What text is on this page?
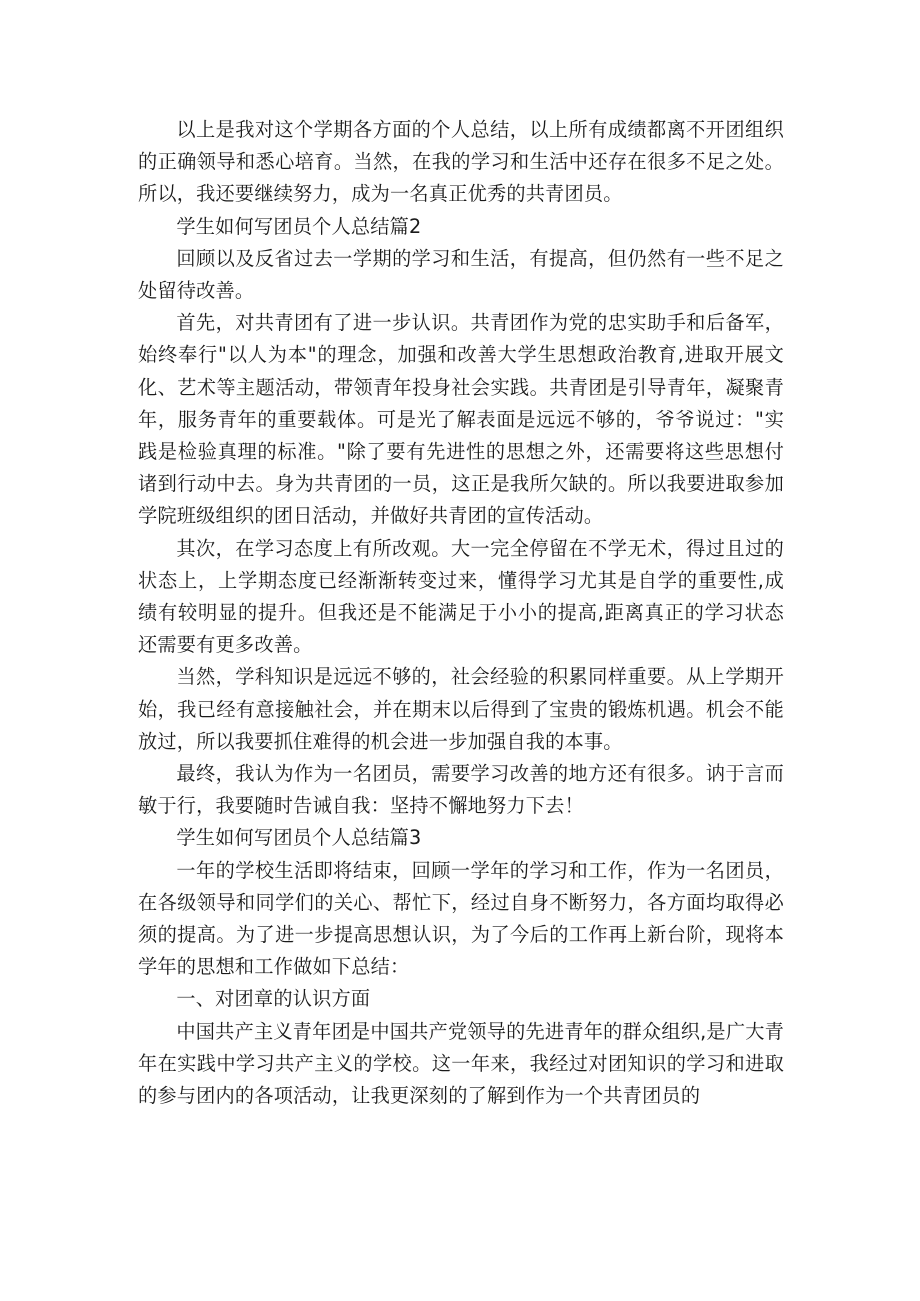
以上是我对这个学期各方面的个人总结，以上所有成绩都离不开团组织的正确领导和悉心培育。当然，在我的学习和生活中还存在很多不足之处。所以，我还要继续努力，成为一名真正优秀的共青团员。

学生如何写团员个人总结篇2

回顾以及反省过去一学期的学习和生活，有提高，但仍然有一些不足之处留待改善。

首先，对共青团有了进一步认识。共青团作为党的忠实助手和后备军，始终奉行"以人为本"的理念，加强和改善大学生思想政治教育,进取开展文化、艺术等主题活动，带领青年投身社会实践。共青团是引导青年，凝聚青年，服务青年的重要载体。可是光了解表面是远远不够的，爷爷说过："实践是检验真理的标准。"除了要有先进性的思想之外，还需要将这些思想付诸到行动中去。身为共青团的一员，这正是我所欠缺的。所以我要进取参加学院班级组织的团日活动，并做好共青团的宣传活动。

其次，在学习态度上有所改观。大一完全停留在不学无术，得过且过的状态上，上学期态度已经渐渐转变过来，懂得学习尤其是自学的重要性,成绩有较明显的提升。但我还是不能满足于小小的提高,距离真正的学习状态还需要有更多改善。

当然，学科知识是远远不够的，社会经验的积累同样重要。从上学期开始，我已经有意接触社会，并在期末以后得到了宝贵的锻炼机遇。机会不能放过，所以我要抓住难得的机会进一步加强自我的本事。

最终，我认为作为一名团员，需要学习改善的地方还有很多。讷于言而敏于行，我要随时告诫自我：坚持不懈地努力下去！

学生如何写团员个人总结篇3

一年的学校生活即将结束，回顾一学年的学习和工作，作为一名团员，在各级领导和同学们的关心、帮忙下，经过自身不断努力，各方面均取得必须的提高。为了进一步提高思想认识，为了今后的工作再上新台阶，现将本学年的思想和工作做如下总结：

一、对团章的认识方面

中国共产主义青年团是中国共产党领导的先进青年的群众组织,是广大青年在实践中学习共产主义的学校。这一年来，我经过对团知识的学习和进取的参与团内的各项活动，让我更深刻的了解到作为一个共青团员的
